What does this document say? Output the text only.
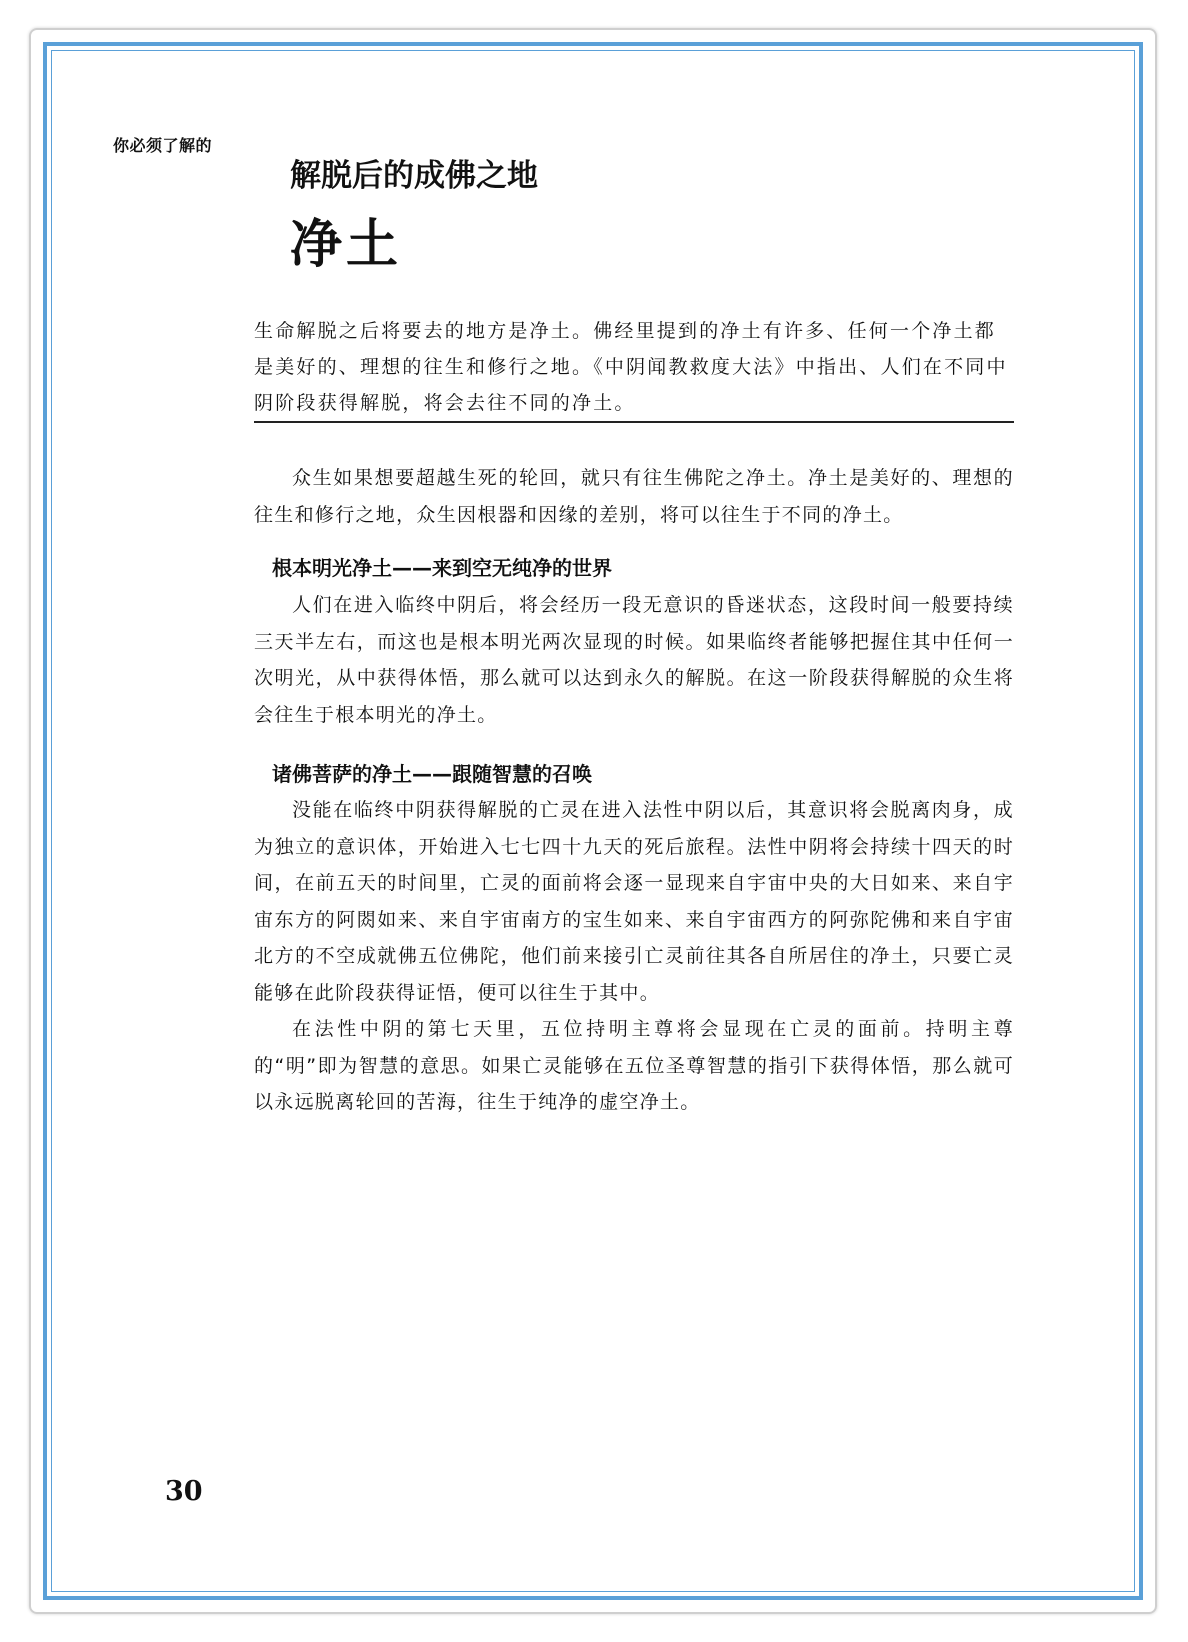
你必须了解的
解脱后的成佛之地
净土
生命解脱之后将要去的地方是净土。佛经里提到的净土有许多、任何一个净土都是美好的、理想的往生和修行之地。《中阴闻教救度大法》中指出、人们在不同中阴阶段获得解脱，将会去往不同的净土。

众生如果想要超越生死的轮回，就只有往生佛陀之净土。净土是美好的、理想的往生和修行之地，众生因根器和因缘的差别，将可以往生于不同的净土。

根本明光净土——来到空无纯净的世界

人们在进入临终中阴后，将会经历一段无意识的昏迷状态，这段时间一般要持续三天半左右，而这也是根本明光两次显现的时候。如果临终者能够把握住其中任何一次明光，从中获得体悟，那么就可以达到永久的解脱。在这一阶段获得解脱的众生将会往生于根本明光的净土。

诸佛菩萨的净土——跟随智慧的召唤

没能在临终中阴获得解脱的亡灵在进入法性中阴以后，其意识将会脱离肉身，成为独立的意识体，开始进入七七四十九天的死后旅程。法性中阴将会持续十四天的时间，在前五天的时间里，亡灵的面前将会逐一显现来自宇宙中央的大日如来、来自宇宙东方的阿閦如来、来自宇宙南方的宝生如来、来自宇宙西方的阿弥陀佛和来自宇宙北方的不空成就佛五位佛陀，他们前来接引亡灵前往其各自所居住的净土，只要亡灵能够在此阶段获得证悟，便可以往生于其中。

在法性中阴的第七天里，五位持明主尊将会显现在亡灵的面前。持明主尊的“明”即为智慧的意思。如果亡灵能够在五位圣尊智慧的指引下获得体悟，那么就可以永远脱离轮回的苦海，往生于纯净的虚空净土。

30
